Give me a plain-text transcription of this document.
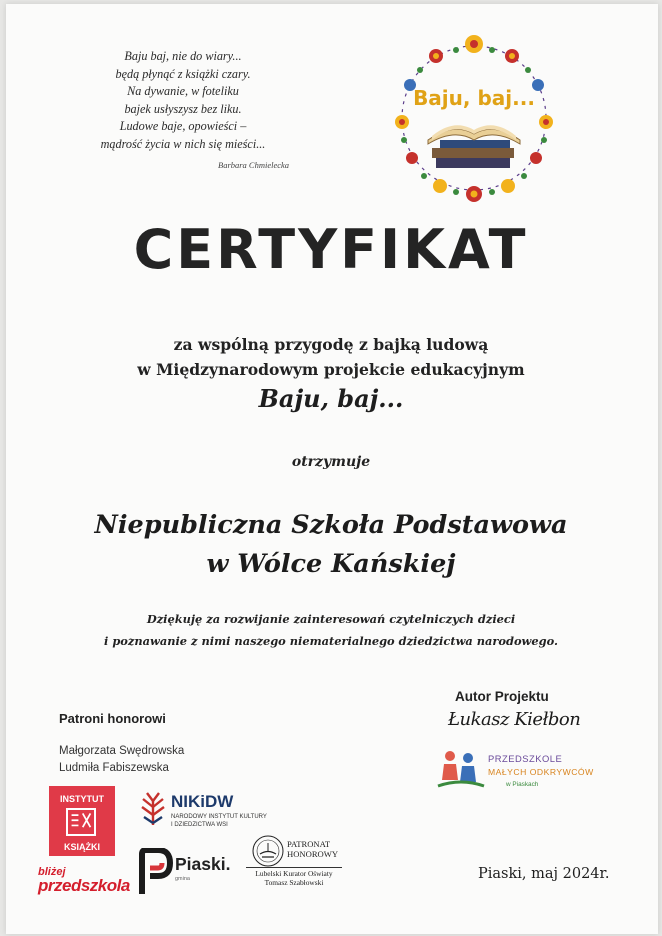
Baju baj, nie do wiary...
będą płynąć z książki czary.
Na dywanie, w foteliku
bajek usłyszysz bez liku.
Ludowe baje, opowieści –
mądrość życia w nich się mieści...
Barbara Chmielecka
Baju, baj...
CERTYFIKAT
za wspólną przygodę z bajką ludową
w Międzynarodowym projekcie edukacyjnym
Baju, baj...
otrzymuje
Niepubliczna Szkoła Podstawowa
w Wólce Kańskiej
Dziękuję za rozwijanie zainteresowań czytelniczych dzieci
i poznawanie z nimi naszego niematerialnego dziedzictwa narodowego.
Patroni honorowi
Małgorzata Swędrowska
Ludmiła Fabiszewska
Autor Projektu
Łukasz Kiełbon
PRZEDSZKOLE
MAŁYCH ODKRYWCÓW
w Piaskach
INSTYTUT
KSIĄŻKI
NIKiDW
NARODOWY INSTYTUT KULTURY
I DZIEDZICTWA WSI
bliżej
przedszkola
Piaski.
gmina
PATRONAT
HONOROWY
Lubelski Kurator Oświaty
Tomasz Szabłowski
Piaski, maj 2024r.
